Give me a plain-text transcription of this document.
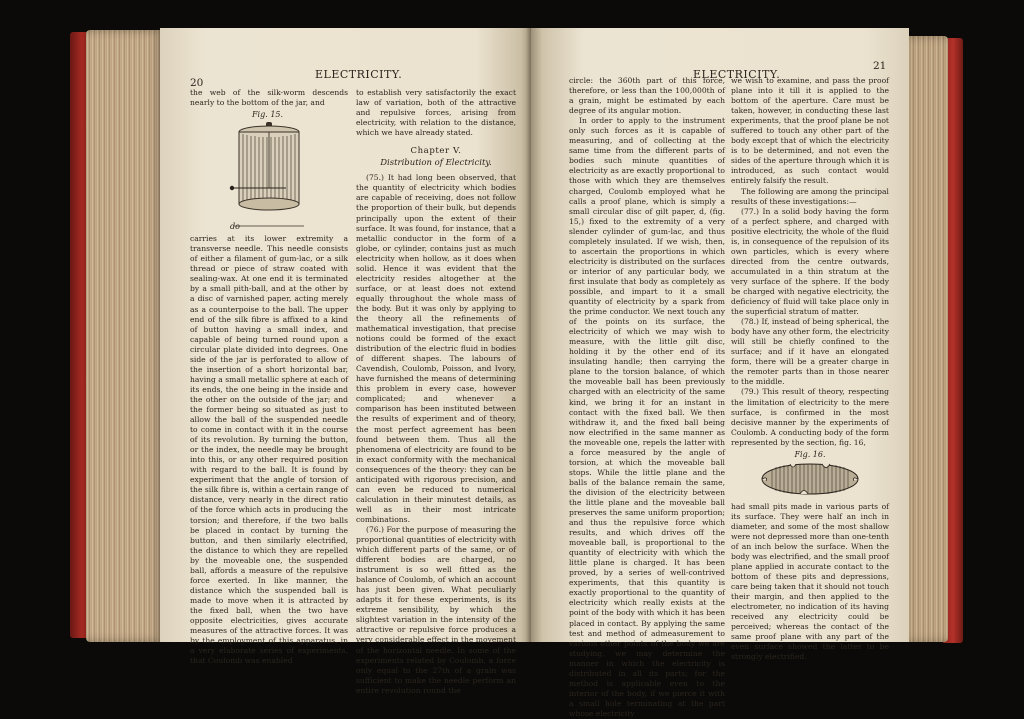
20
ELECTRICITY.

the web of the silk-worm descends nearly to the bottom of the jar, and

Fig. 15.
do

carries at its lower extremity a transverse needle. This needle consists of either a filament of gum-lac, or a silk thread or piece of straw coated with sealing-wax. At one end it is terminated by a small pith-ball, and at the other by a disc of varnished paper, acting merely as a counterpoise to the ball. The upper end of the silk fibre is affixed to a kind of button having a small index, and capable of being turned round upon a circular plate divided into degrees. One side of the jar is perforated to allow of the insertion of a short horizontal bar, having a small metallic sphere at each of its ends, the one being in the inside and the other on the outside of the jar; and the former being so situated as just to allow the ball of the suspended needle to come in contact with it in the course of its revolution. By turning the button, or the index, the needle may be brought into this, or any other required position with regard to the ball. It is found by experiment that the angle of torsion of the silk fibre is, within a certain range of distance, very nearly in the direct ratio of the force which acts in producing the torsion; and therefore, if the two balls be placed in contact by turning the button, and then similarly electrified, the distance to which they are repelled by the moveable one, the suspended ball, affords a measure of the repulsive force exerted. In like manner, the distance which the suspended ball is made to move when it is attracted by the fixed ball, when the two have opposite electricities, gives accurate measures of the attractive forces. It was by the employment of this apparatus, in a very elaborate series of experiments, that Coulomb was enabled

to establish very satisfactorily the exact law of variation, both of the attractive and repulsive forces, arising from electricity, with relation to the distance, which we have already stated.

Chapter V.
Distribution of Electricity.

(75.) It had long been observed, that the quantity of electricity which bodies are capable of receiving, does not follow the proportion of their bulk, but depends principally upon the extent of their surface. It was found, for instance, that a metallic conductor in the form of a globe, or cylinder, contains just as much electricity when hollow, as it does when solid. Hence it was evident that the electricity resides altogether at the surface, or at least does not extend equally throughout the whole mass of the body. But it was only by applying to the theory all the refinements of mathematical investigation, that precise notions could be formed of the exact distribution of the electric fluid in bodies of different shapes. The labours of Cavendish, Coulomb, Poisson, and Ivory, have furnished the means of determining this problem in every case, however complicated; and whenever a comparison has been instituted between the results of experiment and of theory, the most perfect agreement has been found between them. Thus all the phenomena of electricity are found to be in exact conformity with the mechanical consequences of the theory: they can be anticipated with rigorous precision, and can even be reduced to numerical calculation in their minutest details, as well as in their most intricate combinations.

(76.) For the purpose of measuring the proportional quantities of electricity with which different parts of the same, or of different bodies are charged, no instrument is so well fitted as the balance of Coulomb, of which an account has just been given. What peculiarly adapts it for these experiments, is its extreme sensibility, by which the slightest variation in the intensity of the attractive or repulsive force produces a very considerable effect in the movement of the horizontal needle. In some of the experiments related by Coulomb, a force only equal to the 27th of a grain was sufficient to make the needle perform an entire revolution round the

ELECTRICITY.
21

circle: the 360th part of this force, therefore, or less than the 100,000th of a grain, might be estimated by each degree of its angular motion.

In order to apply to the instrument only such forces as it is capable of measuring, and of collecting at the same time from the different parts of bodies such minute quantities of electricity as are exactly proportional to those with which they are themselves charged, Coulomb employed what he calls a proof plane, which is simply a small circular disc of gilt paper, d, (fig. 15,) fixed to the extremity of a very slender cylinder of gum-lac, and thus completely insulated. If we wish, then, to ascertain the proportions in which electricity is distributed on the surfaces or interior of any particular body, we first insulate that body as completely as possible, and impart to it a small quantity of electricity by a spark from the prime conductor. We next touch any of the points on its surface, the electricity of which we may wish to measure, with the little gilt disc, holding it by the other end of its insulating handle; then carrying the plane to the torsion balance, of which the moveable ball has been previously charged with an electricity of the same kind, we bring it for an instant in contact with the fixed ball. We then withdraw it, and the fixed ball being now electrified in the same manner as the moveable one, repels the latter with a force measured by the angle of torsion, at which the moveable ball stops. While the little plane and the balls of the balance remain the same, the division of the electricity between the little plane and the moveable ball preserves the same uniform proportion; and thus the repulsive force which results, and which drives off the moveable ball, is proportional to the quantity of electricity with which the little plane is charged. It has been proved, by a series of well-contrived experiments, that this quantity is exactly proportional to the quantity of electricity which really exists at the point of the body with which it has been placed in contact. By applying the same test and method of admeasurement to various other points of the body we are studying, we may determine the manner in which the electricity is distributed in all its parts; for the method is applicable even to the interior of the body, if we pierce it with a small hole terminating at the part whose electricity

we wish to examine, and pass the proof plane into it till it is applied to the bottom of the aperture. Care must be taken, however, in conducting these last experiments, that the proof plane be not suffered to touch any other part of the body except that of which the electricity is to be determined, and not even the sides of the aperture through which it is introduced, as such contact would entirely falsify the result.

The following are among the principal results of these investigations:—

(77.) In a solid body having the form of a perfect sphere, and charged with positive electricity, the whole of the fluid is, in consequence of the repulsion of its own particles, which is every where directed from the centre outwards, accumulated in a thin stratum at the very surface of the sphere. If the body be charged with negative electricity, the deficiency of fluid will take place only in the superficial stratum of matter.

(78.) If, instead of being spherical, the body have any other form, the electricity will still be chiefly confined to the surface; and if it have an elongated form, there will be a greater charge in the remoter parts than in those nearer to the middle.

(79.) This result of theory, respecting the limitation of electricity to the mere surface, is confirmed in the most decisive manner by the experiments of Coulomb. A conducting body of the form represented by the section, fig. 16,

Fig. 16.

had small pits made in various parts of its surface. They were half an inch in diameter, and some of the most shallow were not depressed more than one-tenth of an inch below the surface. When the body was electrified, and the small proof plane applied in accurate contact to the bottom of these pits and depressions, care being taken that it should not touch their margin, and then applied to the electrometer, no indication of its having received any electricity could be perceived; whereas the contact of the same proof plane with any part of the even surface showed the latter to be strongly electrified.
